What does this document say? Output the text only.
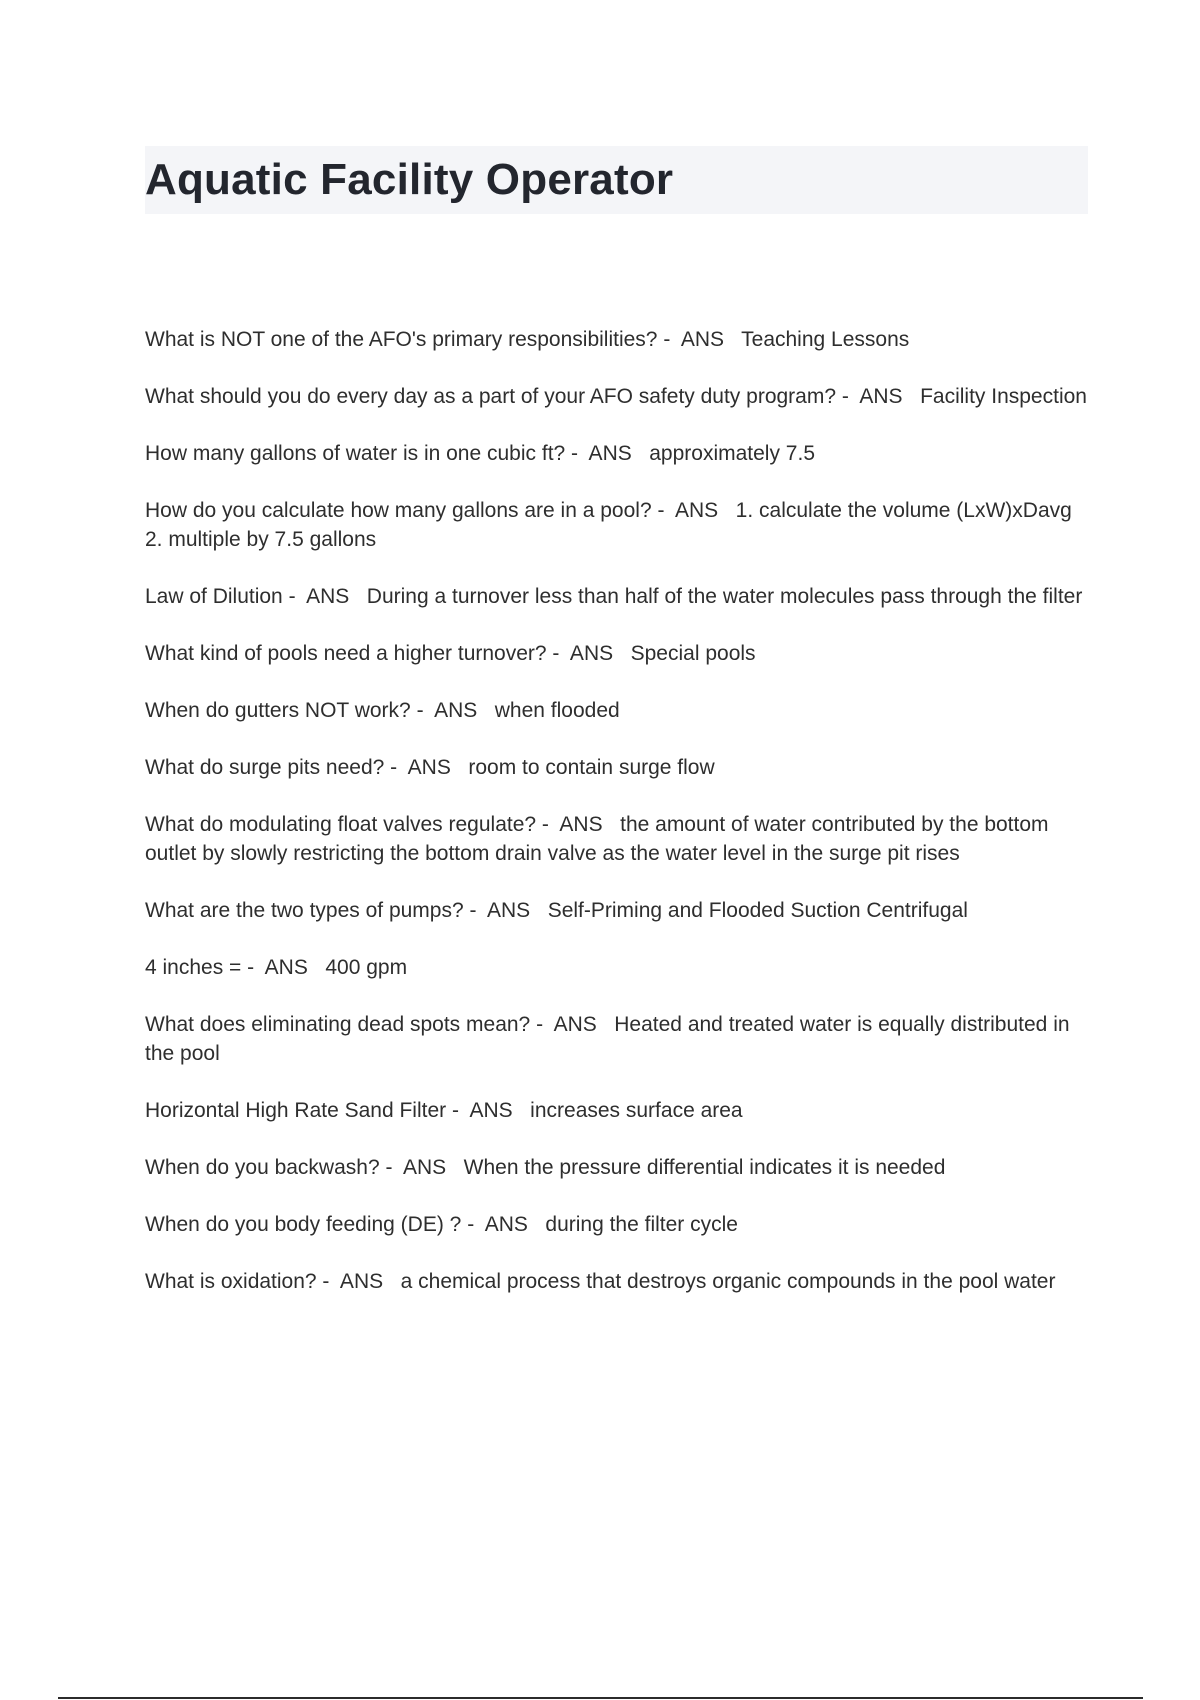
Aquatic Facility Operator
What is NOT one of the AFO's primary responsibilities? -  ANS   Teaching Lessons
What should you do every day as a part of your AFO safety duty program? -  ANS   Facility Inspection
How many gallons of water is in one cubic ft? -  ANS   approximately 7.5
How do you calculate how many gallons are in a pool? -  ANS   1. calculate the volume (LxW)xDavg
2. multiple by 7.5 gallons
Law of Dilution -  ANS   During a turnover less than half of the water molecules pass through the filter
What kind of pools need a higher turnover? -  ANS   Special pools
When do gutters NOT work? -  ANS   when flooded
What do surge pits need? -  ANS   room to contain surge flow
What do modulating float valves regulate? -  ANS   the amount of water contributed by the bottom outlet by slowly restricting the bottom drain valve as the water level in the surge pit rises
What are the two types of pumps? -  ANS   Self-Priming and Flooded Suction Centrifugal
4 inches = -  ANS   400 gpm
What does eliminating dead spots mean? -  ANS   Heated and treated water is equally distributed in the pool
Horizontal High Rate Sand Filter -  ANS   increases surface area
When do you backwash? -  ANS   When the pressure differential indicates it is needed
When do you body feeding (DE) ? -  ANS   during the filter cycle
What is oxidation? -  ANS   a chemical process that destroys organic compounds in the pool water
